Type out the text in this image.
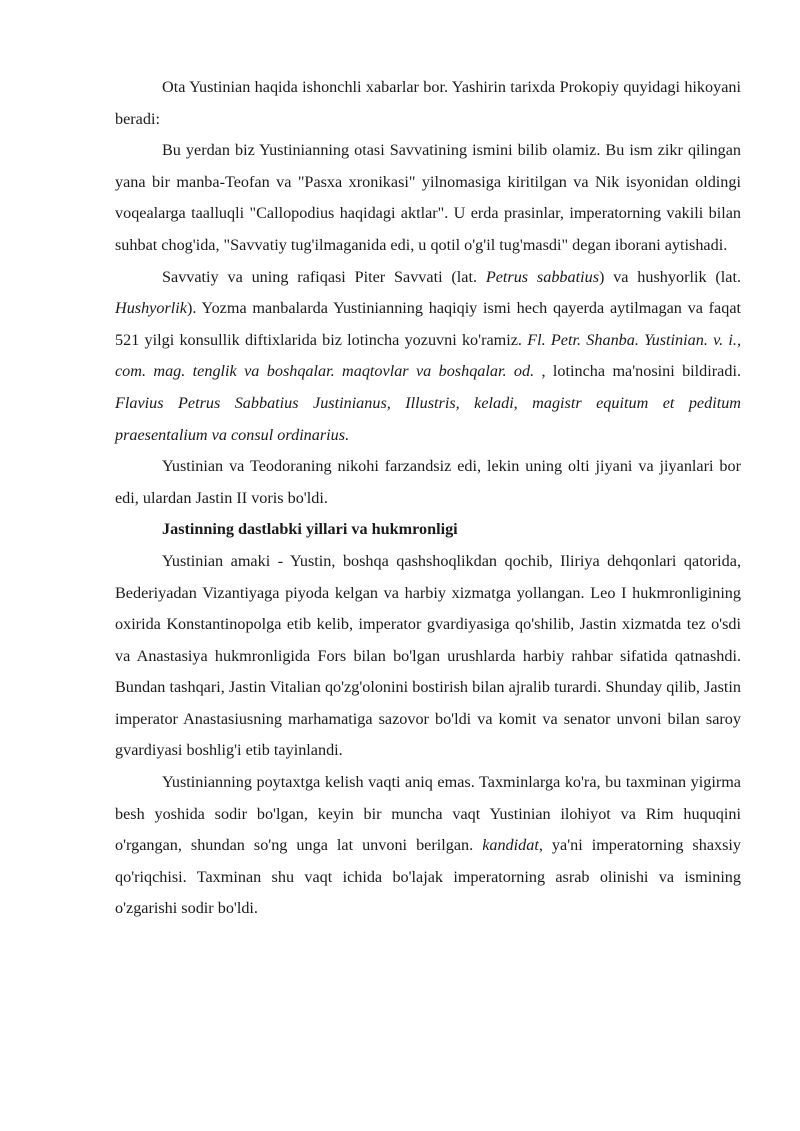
Ota Yustinian haqida ishonchli xabarlar bor. Yashirin tarixda Prokopiy quyidagi hikoyani beradi:

Bu yerdan biz Yustinianning otasi Savvatining ismini bilib olamiz. Bu ism zikr qilingan yana bir manba-Teofan va "Pasxa xronikasi" yilnomasiga kiritilgan va Nik isyonidan oldingi voqealarga taalluqli "Callopodius haqidagi aktlar". U erda prasinlar, imperatorning vakili bilan suhbat chog'ida, "Savvatiy tug'ilmaganida edi, u qotil o'g'il tug'masdi" degan iborani aytishadi.

Savvatiy va uning rafiqasi Piter Savvati (lat. Petrus sabbatius) va hushyorlik (lat. Hushyorlik). Yozma manbalarda Yustinianning haqiqiy ismi hech qayerda aytilmagan va faqat 521 yilgi konsullik diftixlarida biz lotincha yozuvni ko'ramiz. Fl. Petr. Shanba. Yustinian. v. i., com. mag. tenglik va boshqalar. maqtovlar va boshqalar. od. , lotincha ma'nosini bildiradi. Flavius Petrus Sabbatius Justinianus, Illustris, keladi, magistr equitum et peditum praesentalium va consul ordinarius.

Yustinian va Teodoraning nikohi farzandsiz edi, lekin uning olti jiyani va jiyanlari bor edi, ulardan Jastin II voris bo'ldi.

Jastinning dastlabki yillari va hukmronligi

Yustinian amaki - Yustin, boshqa qashshoqlikdan qochib, Iliriya dehqonlari qatorida, Bederiyadan Vizantiyaga piyoda kelgan va harbiy xizmatga yollangan. Leo I hukmronligining oxirida Konstantinopolga etib kelib, imperator gvardiyasiga qo'shilib, Jastin xizmatda tez o'sdi va Anastasiya hukmronligida Fors bilan bo'lgan urushlarda harbiy rahbar sifatida qatnashdi. Bundan tashqari, Jastin Vitalian qo'zg'olonini bostirish bilan ajralib turardi. Shunday qilib, Jastin imperator Anastasiusning marhamatiga sazovor bo'ldi va komit va senator unvoni bilan saroy gvardiyasi boshlig'i etib tayinlandi.

Yustinianning poytaxtga kelish vaqti aniq emas. Taxminlarga ko'ra, bu taxminan yigirma besh yoshida sodir bo'lgan, keyin bir muncha vaqt Yustinian ilohiyot va Rim huquqini o'rgangan, shundan so'ng unga lat unvoni berilgan. kandidat, ya'ni imperatorning shaxsiy qo'riqchisi. Taxminan shu vaqt ichida bo'lajak imperatorning asrab olinishi va ismining o'zgarishi sodir bo'ldi.
